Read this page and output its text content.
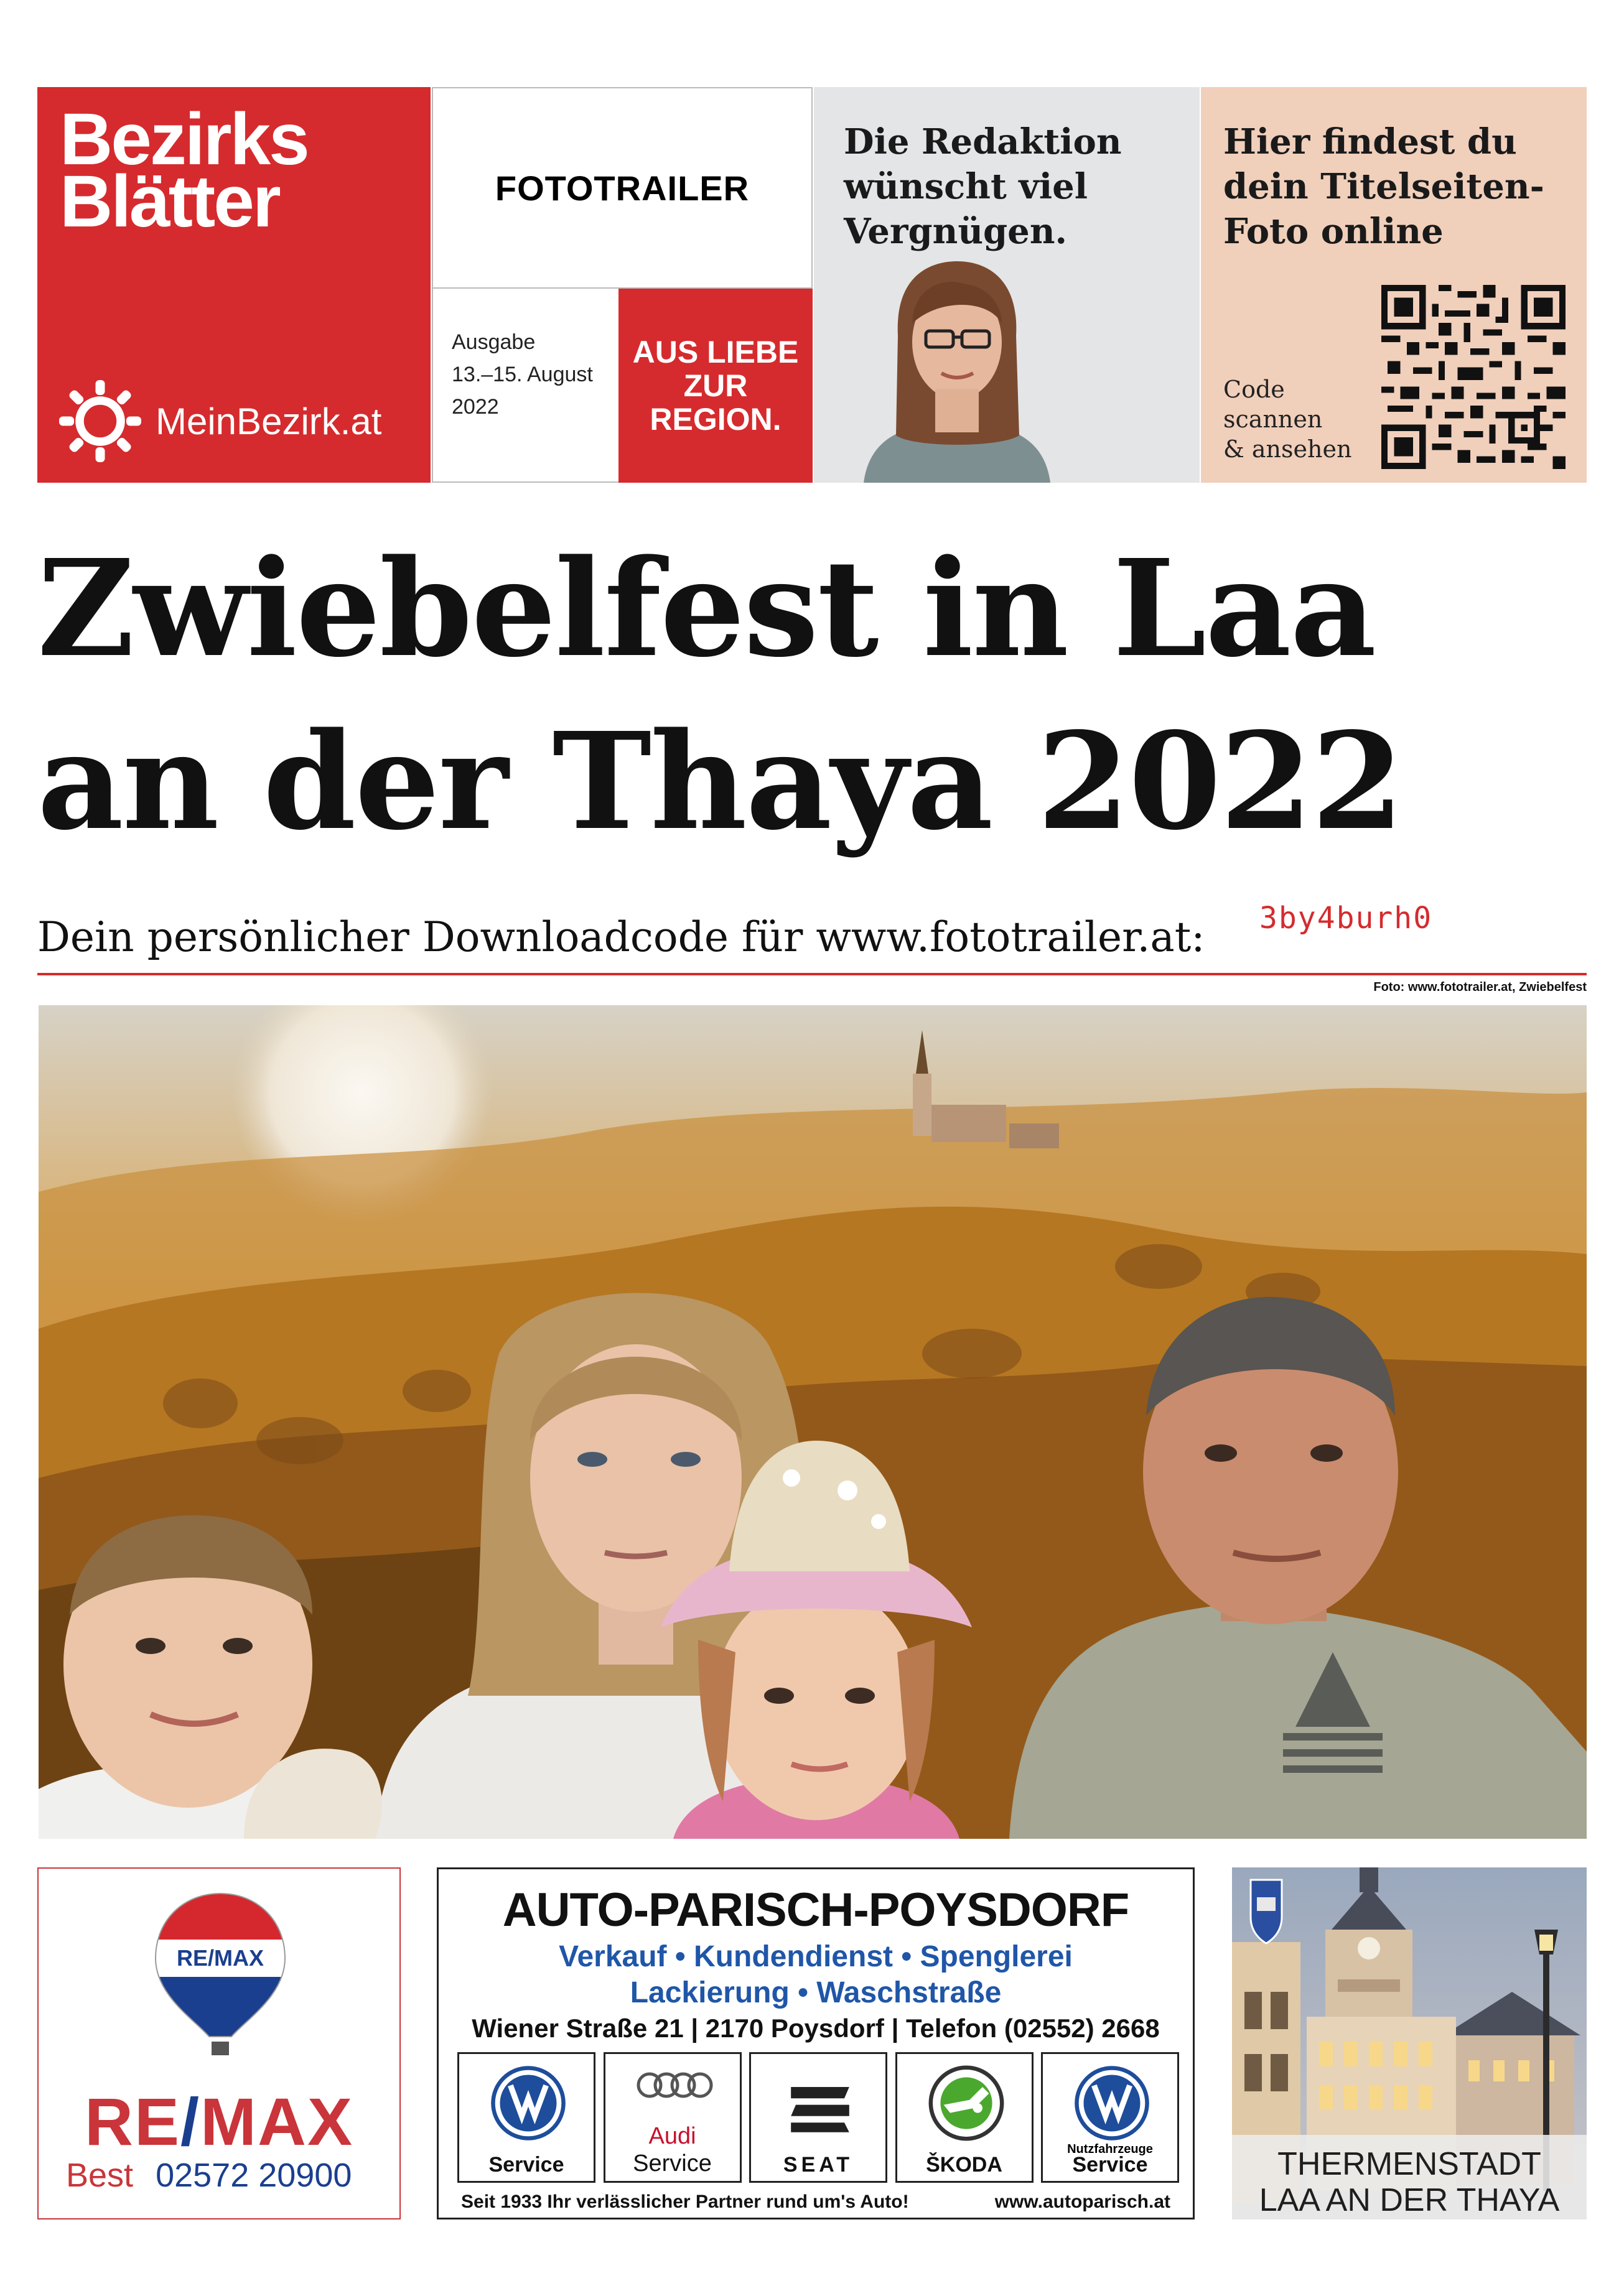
Bezirks
Blätter
MeinBezirk.at
FOTOTRAILER
Ausgabe
13.–15. August
2022
AUS LIEBE
ZUR
REGION.
Die Redaktion
wünscht viel
Vergnügen.
Hier findest du
dein Titelseiten-
Foto online
Code
scannen
& ansehen
Zwiebelfest in Laa
an der Thaya 2022
Dein persönlicher Downloadcode für www.fototrailer.at: 3by4burh0
Foto: www.fototrailer.at, Zwiebelfest
RE/MAX
RE/MAX
Best 02572 20900
AUTO-PARISCH-POYSDORF
Verkauf • Kundendienst • Spenglerei
Lackierung • Waschstraße
Wiener Straße 21 | 2170 Poysdorf | Telefon (02552) 2668
Service
Audi
Service	SEAT	ŠKODA
Nutzfahrzeuge
Service
Seit 1933 Ihr verlässlicher Partner rund um's Auto!	www.autoparisch.at
THERMENSTADT
LAA AN DER THAYA
